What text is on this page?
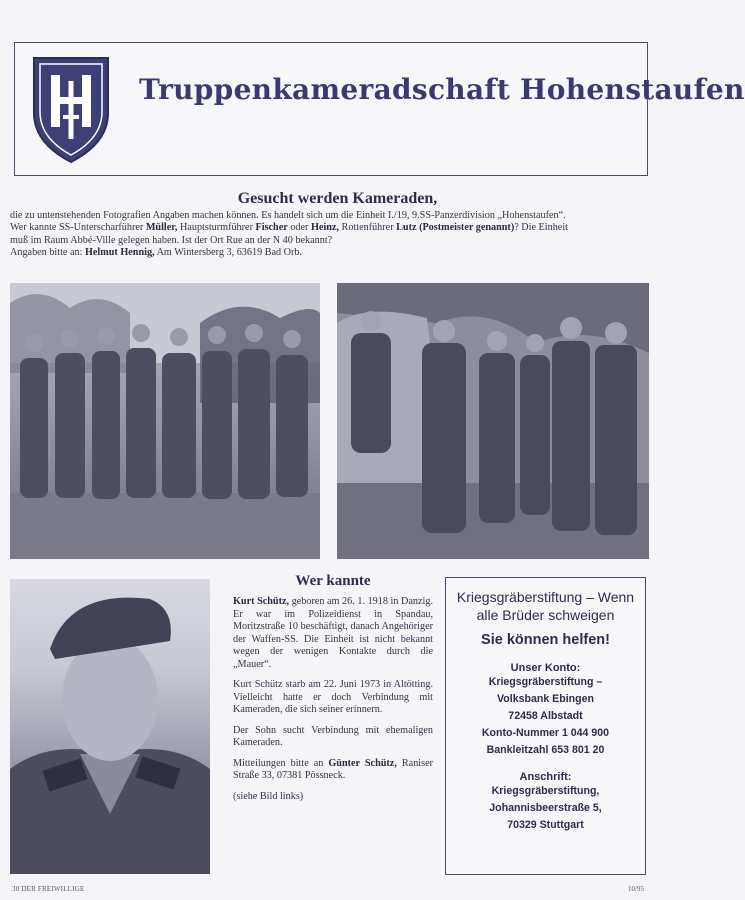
Truppenkameradschaft Hohenstaufen
Gesucht werden Kameraden,

die zu untenstehenden Fotografien Angaben machen können. Es handelt sich um die Einheit I./19, 9.SS-Panzerdivision „Hohenstaufen“.

Wer kannte SS-Unterscharführer Müller, Hauptsturmführer Fischer oder Heinz, Rottenführer Lutz (Postmeister genannt)? Die Einheit

muß im Raum Abbé-Ville gelegen haben. Ist der Ort Rue an der N 40 bekannt?

Angaben bitte an: Helmut Hennig, Am Wintersberg 3, 63619 Bad Orb.

Wer kannte

Kurt Schütz, geboren am 26. 1. 1918 in Danzig. Er war im Polizeidienst in Spandau, Moritzstraße 10 beschäftigt, danach Angehöriger der Waffen-SS. Die Einheit ist nicht bekannt wegen der wenigen Kontakte durch die „Mauer“.

Kurt Schütz starb am 22. Juni 1973 in Altötting. Vielleicht hatte er doch Verbindung mit Kameraden, die sich seiner erinnern.

Der Sohn sucht Verbindung mit ehemaligen Kameraden.

Mitteilungen bitte an Günter Schütz, Raniser Straße 33, 07381 Pössneck.

(siehe Bild links)

Kriegsgräberstiftung – Wenn alle Brüder schweigen
Sie können helfen!
Unser Konto:
Kriegsgräberstiftung –
Volksbank Ebingen
72458 Albstadt
Konto-Nummer 1 044 900
Bankleitzahl 653 801 20
Anschrift:
Kriegsgräberstiftung,
Johannisbeerstraße 5,
70329 Stuttgart
30 DER FREIWILLIGE	10/95
